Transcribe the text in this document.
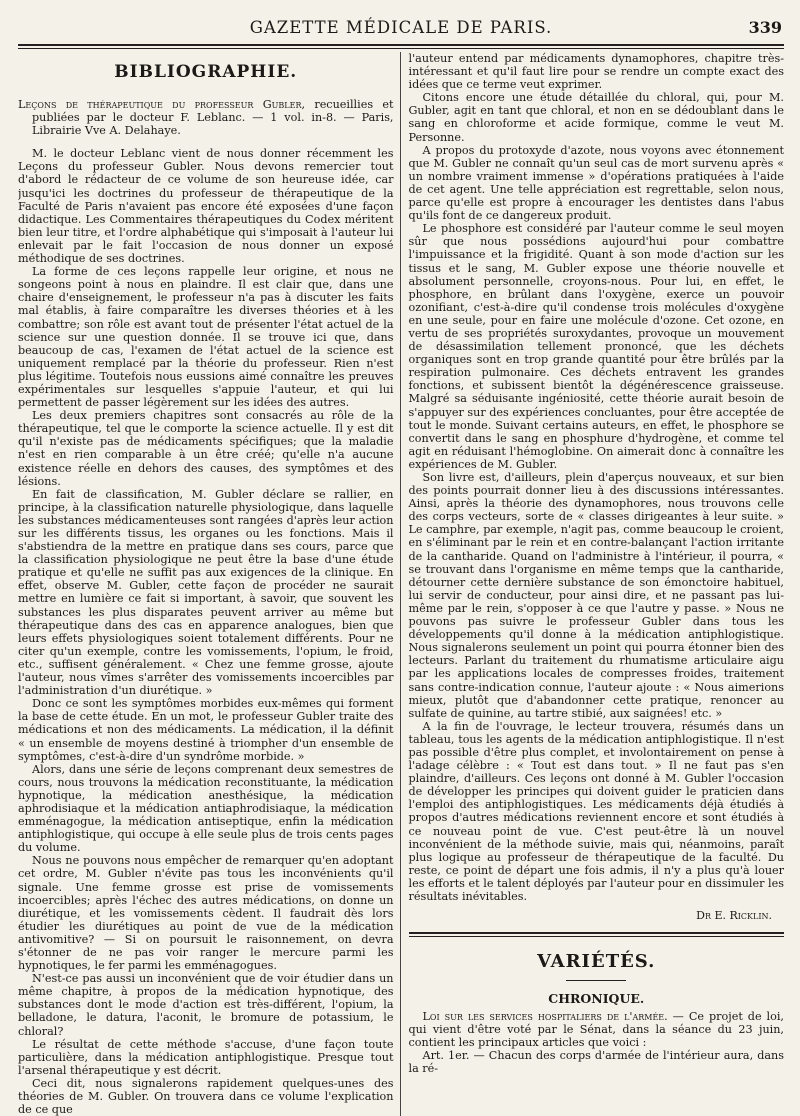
GAZETTE MÉDICALE DE PARIS.	339
BIBLIOGRAPHIE.
Leçons de thérapeutique du professeur Gubler, recueillies et publiées par le docteur F. Leblanc. — 1 vol. in-8. — Paris, Librairie Vve A. Delahaye.

M. le docteur Leblanc vient de nous donner récemment les Leçons du professeur Gubler. Nous devons remercier tout d'abord le rédacteur de ce volume de son heureuse idée, car jusqu'ici les doctrines du professeur de thérapeutique de la Faculté de Paris n'avaient pas encore été exposées d'une façon didactique. Les Commentaires thérapeutiques du Codex méritent bien leur titre, et l'ordre alphabétique qui s'imposait à l'auteur lui enlevait par le fait l'occasion de nous donner un exposé méthodique de ses doctrines.

La forme de ces leçons rappelle leur origine, et nous ne songeons point à nous en plaindre. Il est clair que, dans une chaire d'enseignement, le professeur n'a pas à discuter les faits mal établis, à faire comparaître les diverses théories et à les combattre; son rôle est avant tout de présenter l'état actuel de la science sur une question donnée. Il se trouve ici que, dans beaucoup de cas, l'examen de l'état actuel de la science est uniquement remplacé par la théorie du professeur. Rien n'est plus légitime. Toutefois nous eussions aimé connaître les preuves expérimentales sur lesquelles s'appuie l'auteur, et qui lui permettent de passer légèrement sur les idées des autres.

Les deux premiers chapitres sont consacrés au rôle de la thérapeutique, tel que le comporte la science actuelle. Il y est dit qu'il n'existe pas de médicaments spécifiques; que la maladie n'est en rien comparable à un être créé; qu'elle n'a aucune existence réelle en dehors des causes, des symptômes et des lésions.

En fait de classification, M. Gubler déclare se rallier, en principe, à la classification naturelle physiologique, dans laquelle les substances médicamenteuses sont rangées d'après leur action sur les différents tissus, les organes ou les fonctions. Mais il s'abstiendra de la mettre en pratique dans ses cours, parce que la classification physiologique ne peut être la base d'une étude pratique et qu'elle ne suffit pas aux exigences de la clinique. En effet, observe M. Gubler, cette façon de procéder ne saurait mettre en lumière ce fait si important, à savoir, que souvent les substances les plus disparates peuvent arriver au même but thérapeutique dans des cas en apparence analogues, bien que leurs effets physiologiques soient totalement différents. Pour ne citer qu'un exemple, contre les vomissements, l'opium, le froid, etc., suffisent généralement. « Chez une femme grosse, ajoute l'auteur, nous vîmes s'arrêter des vomissements incoercibles par l'administration d'un diurétique. »

Donc ce sont les symptômes morbides eux-mêmes qui forment la base de cette étude. En un mot, le professeur Gubler traite des médications et non des médicaments. La médication, il la définit « un ensemble de moyens destiné à triompher d'un ensemble de symptômes, c'est-à-dire d'un syndrôme morbide. »

Alors, dans une série de leçons comprenant deux semestres de cours, nous trouvons la médication reconstituante, la médication hypnotique, la médication anesthésique, la médication aphrodisiaque et la médication antiaphrodisiaque, la médication emménagogue, la médication antiseptique, enfin la médication antiphlogistique, qui occupe à elle seule plus de trois cents pages du volume.

Nous ne pouvons nous empêcher de remarquer qu'en adoptant cet ordre, M. Gubler n'évite pas tous les inconvénients qu'il signale. Une femme grosse est prise de vomissements incoercibles; après l'échec des autres médications, on donne un diurétique, et les vomissements cèdent. Il faudrait dès lors étudier les diurétiques au point de vue de la médication antivomitive? — Si on poursuit le raisonnement, on devra s'étonner de ne pas voir ranger le mercure parmi les hypnotiques, le fer parmi les emménagogues.

N'est-ce pas aussi un inconvénient que de voir étudier dans un même chapitre, à propos de la médication hypnotique, des substances dont le mode d'action est très-différent, l'opium, la belladone, le datura, l'aconit, le bromure de potassium, le chloral?

Le résultat de cette méthode s'accuse, d'une façon toute particulière, dans la médication antiphlogistique. Presque tout l'arsenal thérapeutique y est décrit.

Ceci dit, nous signalerons rapidement quelques-unes des théories de M. Gubler. On trouvera dans ce volume l'explication de ce que

l'auteur entend par médicaments dynamophores, chapitre très-intéressant et qu'il faut lire pour se rendre un compte exact des idées que ce terme veut exprimer.

Citons encore une étude détaillée du chloral, qui, pour M. Gubler, agit en tant que chloral, et non en se dédoublant dans le sang en chloroforme et acide formique, comme le veut M. Personne.

A propos du protoxyde d'azote, nous voyons avec étonnement que M. Gubler ne connaît qu'un seul cas de mort survenu après « un nombre vraiment immense » d'opérations pratiquées à l'aide de cet agent. Une telle appréciation est regrettable, selon nous, parce qu'elle est propre à encourager les dentistes dans l'abus qu'ils font de ce dangereux produit.

Le phosphore est considéré par l'auteur comme le seul moyen sûr que nous possédions aujourd'hui pour combattre l'impuissance et la frigidité. Quant à son mode d'action sur les tissus et le sang, M. Gubler expose une théorie nouvelle et absolument personnelle, croyons-nous. Pour lui, en effet, le phosphore, en brûlant dans l'oxygène, exerce un pouvoir ozonifiant, c'est-à-dire qu'il condense trois molécules d'oxygène en une seule, pour en faire une molécule d'ozone. Cet ozone, en vertu de ses propriétés suroxydantes, provoque un mouvement de désassimilation tellement prononcé, que les déchets organiques sont en trop grande quantité pour être brûlés par la respiration pulmonaire. Ces déchets entravent les grandes fonctions, et subissent bientôt la dégénérescence graisseuse. Malgré sa séduisante ingéniosité, cette théorie aurait besoin de s'appuyer sur des expériences concluantes, pour être acceptée de tout le monde. Suivant certains auteurs, en effet, le phosphore se convertit dans le sang en phosphure d'hydrogène, et comme tel agit en réduisant l'hémoglobine. On aimerait donc à connaître les expériences de M. Gubler.

Son livre est, d'ailleurs, plein d'aperçus nouveaux, et sur bien des points pourrait donner lieu à des discussions intéressantes. Ainsi, après la théorie des dynamophores, nous trouvons celle des corps vecteurs, sorte de « classes dirigeantes à leur suite. » Le camphre, par exemple, n'agit pas, comme beaucoup le croient, en s'éliminant par le rein et en contre-balançant l'action irritante de la cantharide. Quand on l'administre à l'intérieur, il pourra, « se trouvant dans l'organisme en même temps que la cantharide, détourner cette dernière substance de son émonctoire habituel, lui servir de conducteur, pour ainsi dire, et ne passant pas lui-même par le rein, s'opposer à ce que l'autre y passe. » Nous ne pouvons pas suivre le professeur Gubler dans tous les développements qu'il donne à la médication antiphlogistique. Nous signalerons seulement un point qui pourra étonner bien des lecteurs. Parlant du traitement du rhumatisme articulaire aigu par les applications locales de compresses froides, traitement sans contre-indication connue, l'auteur ajoute : « Nous aimerions mieux, plutôt que d'abandonner cette pratique, renoncer au sulfate de quinine, au tartre stibié, aux saignées! etc. »

A la fin de l'ouvrage, le lecteur trouvera, résumés dans un tableau, tous les agents de la médication antiphlogistique. Il n'est pas possible d'être plus complet, et involontairement on pense à l'adage célèbre : « Tout est dans tout. » Il ne faut pas s'en plaindre, d'ailleurs. Ces leçons ont donné à M. Gubler l'occasion de développer les principes qui doivent guider le praticien dans l'emploi des antiphlogistiques. Les médicaments déjà étudiés à propos d'autres médications reviennent encore et sont étudiés à ce nouveau point de vue. C'est peut-être là un nouvel inconvénient de la méthode suivie, mais qui, néanmoins, paraît plus logique au professeur de thérapeutique de la faculté. Du reste, ce point de départ une fois admis, il n'y a plus qu'à louer les efforts et le talent déployés par l'auteur pour en dissimuler les résultats inévitables.

Dr E. Ricklin.
VARIÉTÉS.
CHRONIQUE.

Loi sur les services hospitaliers de l'armée. — Ce projet de loi, qui vient d'être voté par le Sénat, dans la séance du 23 juin, contient les principaux articles que voici :

Art. 1er. — Chacun des corps d'armée de l'intérieur aura, dans la ré-
